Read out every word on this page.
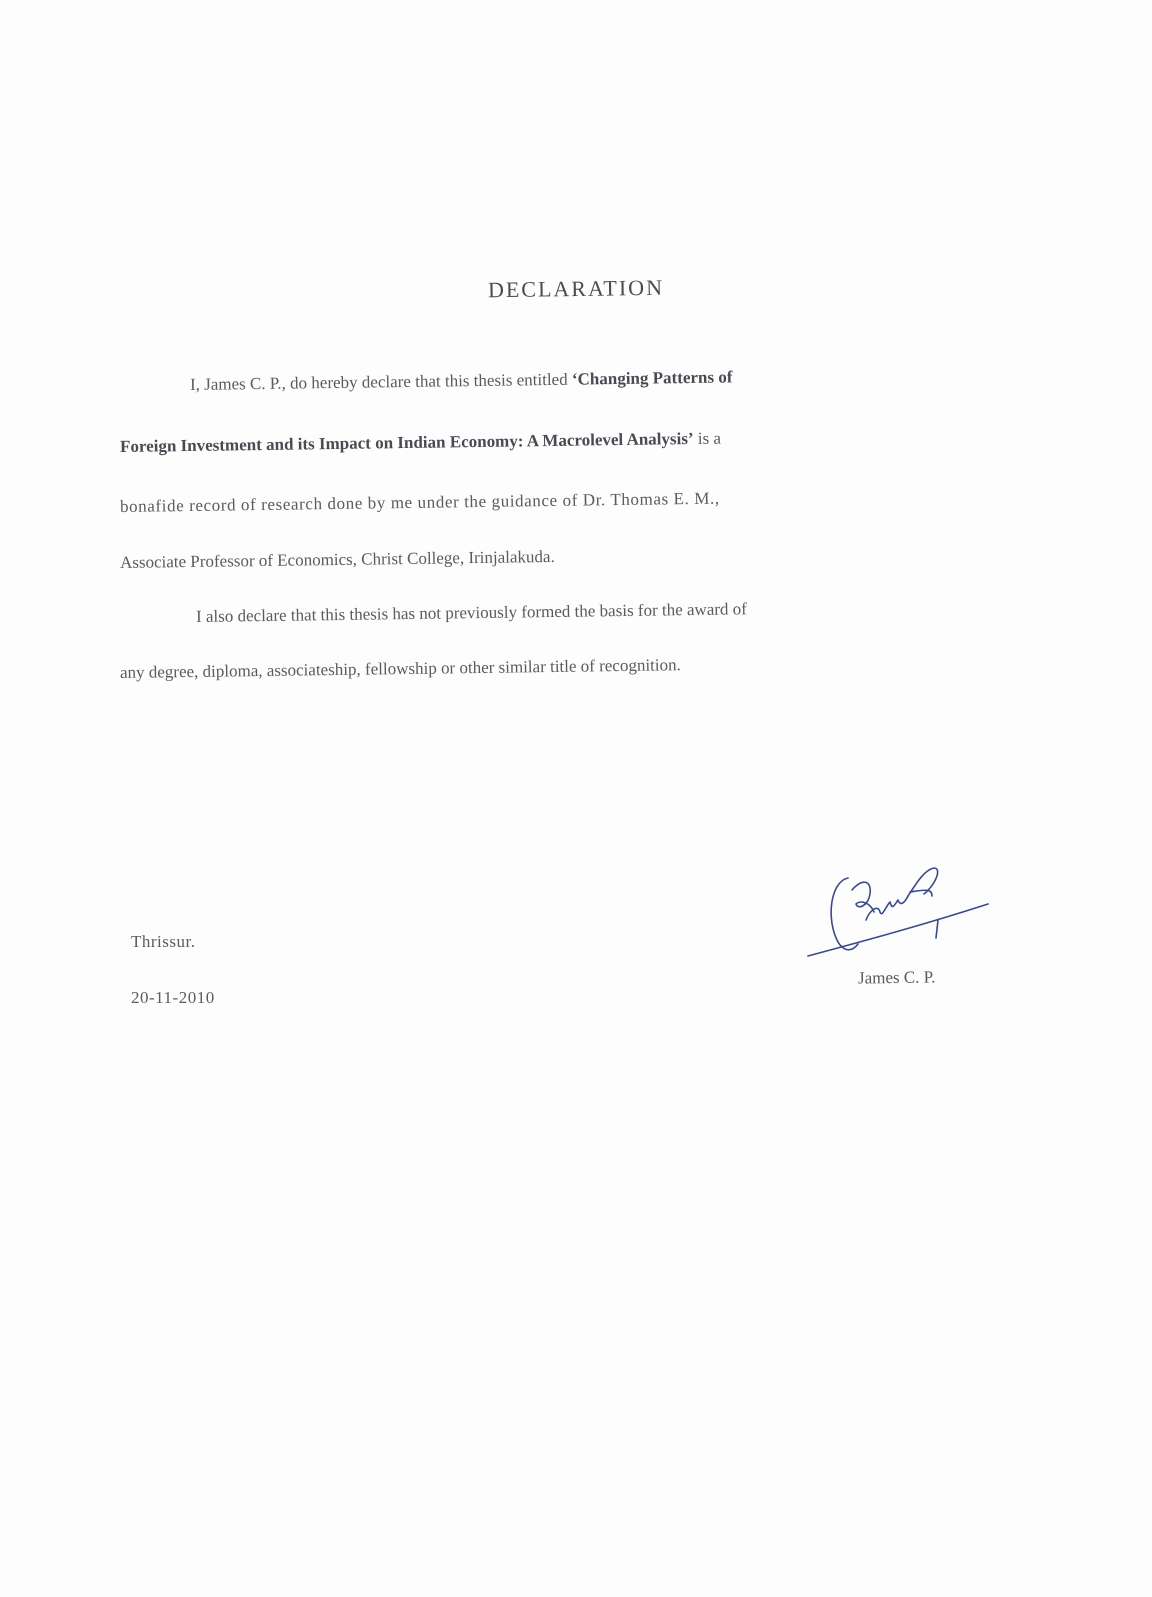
DECLARATION
I, James C. P., do hereby declare that this thesis entitled ‘Changing Patterns of
Foreign Investment and its Impact on Indian Economy: A Macrolevel Analysis’ is a
bonafide record of research done by me under the guidance of Dr. Thomas E. M.,
Associate Professor of Economics, Christ College, Irinjalakuda.
I also declare that this thesis has not previously formed the basis for the award of
any degree, diploma, associateship, fellowship or other similar title of recognition.
Thrissur.
20-11-2010
James C. P.
